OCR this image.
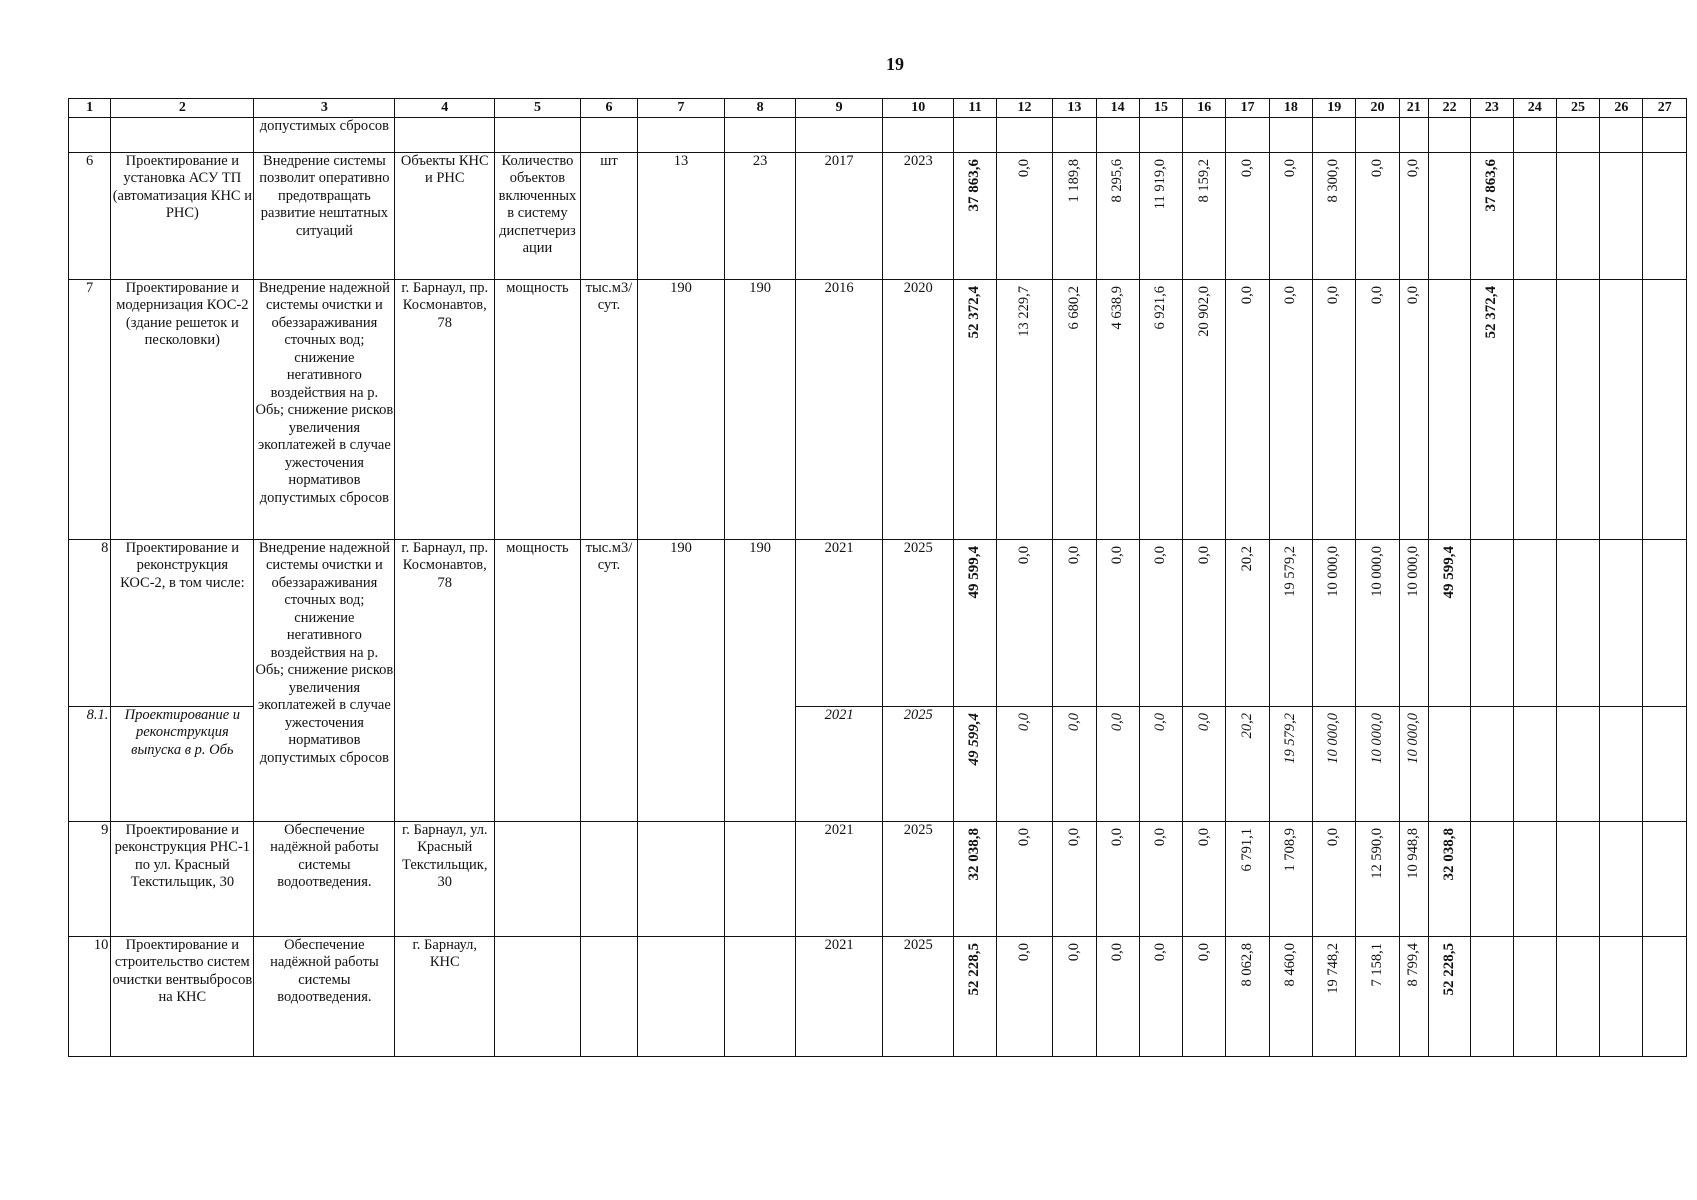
19
1	2	3	4	5	6	7	8	9	10	11	12	13	14	15	16	17	18	19	20	21	22	23	24	25	26	27
		допустимых сбросов																								
6	Проектирование и установка АСУ ТП (автоматизация КНС и РНС)	Внедрение системы позволит оперативно предотвращать развитие нештатных ситуаций	Объекты КНС и РНС	Количество объектов включенных в систему диспетчеризации	шт	13	23	2017	2023	37 863,6	0,0	1 189,8	8 295,6	11 919,0	8 159,2	0,0	0,0	8 300,0	0,0	0,0		37 863,6				

7	Проектирование и модернизация КОС-2 (здание решеток и песколовки)	Внедрение надежной системы очистки и обеззараживания сточных вод; снижение негативного воздействия на р. Обь; снижение рисков увеличения экоплатежей в случае ужесточения нормативов допустимых сбросов	г. Барнаул, пр. Космонавтов, 78	мощность	тыс.м3/ сут.	190	190	2016	2020	52 372,4	13 229,7	6 680,2	4 638,9	6 921,6	20 902,0	0,0	0,0	0,0	0,0	0,0		52 372,4				

8	Проектирование и реконструкция КОС-2, в том числе:	Внедрение надежной системы очистки и обеззараживания сточных вод; снижение негативного воздействия на р. Обь; снижение рисков увеличения экоплатежей в случае ужесточения нормативов допустимых сбросов	г. Барнаул, пр. Космонавтов, 78	мощность	тыс.м3/ сут.	190	190	2021	2025	49 599,4	0,0	0,0	0,0	0,0	0,0	20,2	19 579,2	10 000,0	10 000,0	10 000,0	49 599,4					

8.1.	Проектирование и реконструкция выпуска в р. Обь							2021	2025	49 599,4	0,0	0,0	0,0	0,0	0,0	20,2	19 579,2	10 000,0	10 000,0	10 000,0						

9	Проектирование и реконструкция РНС-1 по ул. Красный Текстильщик, 30	Обеспечение надёжной работы системы водоотведения.	г. Барнаул, ул. Красный Текстильщик, 30					2021	2025	32 038,8	0,0	0,0	0,0	0,0	0,0	6 791,1	1 708,9	0,0	12 590,0	10 948,8	32 038,8					

10	Проектирование и строительство систем очистки вентвыбросов на КНС	Обеспечение надёжной работы системы водоотведения.	г. Барнаул, КНС					2021	2025	52 228,5	0,0	0,0	0,0	0,0	0,0	8 062,8	8 460,0	19 748,2	7 158,1	8 799,4	52 228,5					
